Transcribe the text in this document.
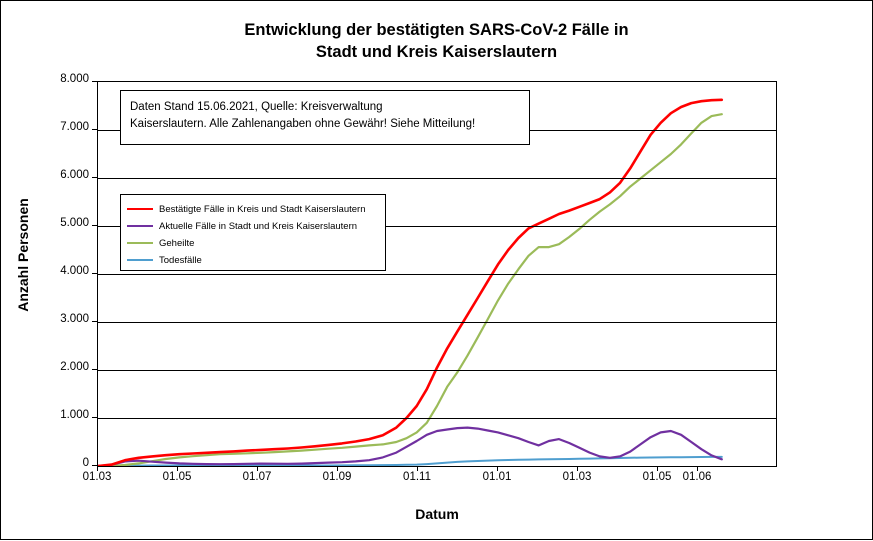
Entwicklung der bestätigten SARS-CoV-2 Fälle in
Stadt und Kreis Kaiserslautern
Anzahl Personen
Datum
0
1.000
2.000
3.000
4.000
5.000
6.000
7.000
8.000
01.03	01.05	01.07	01.09	01.11	01.01	01.03	01.05 01.06
Daten Stand 15.06.2021, Quelle: Kreisverwaltung
Kaiserslautern. Alle Zahlenangaben ohne Gewähr! Siehe Mitteilung!
Bestätigte Fälle in Kreis und Stadt Kaiserslautern
Aktuelle Fälle in Stadt und Kreis Kaiserslautern
Geheilte
Todesfälle
